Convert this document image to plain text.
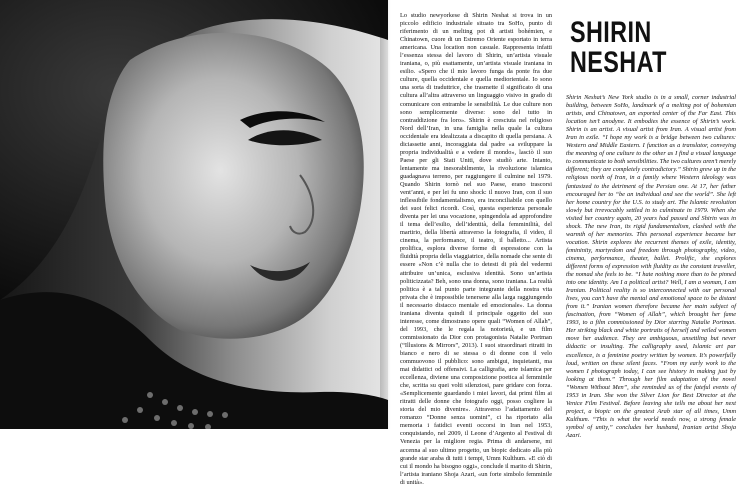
Lo studio newyorkese di Shirin Neshat si trova in un piccolo edificio industriale situato tra SoHo, punto di riferimento di un melting pot di artisti bohémien, e Chinatown, cuore di un Estremo Oriente esportato in terra americana. Una location non casuale. Rappresenta infatti l’essenza stessa del lavoro di Shirin, un’artista visuale iraniana, o, più esattamente, un’artista visuale iraniana in esilio. «Spero che il mio lavoro funga da ponte fra due culture, quella occidentale e quella mediorientale. Io sono una sorta di traduttrice, che trasmette il significato di una cultura all’altra attraverso un linguaggio visivo in grado di comunicare con entrambe le sensibilità. Le due culture non sono semplicemente diverse: sono del tutto in contraddizione fra loro». Shirin è cresciuta nel religioso Nord dell’Iran, in una famiglia nella quale la cultura occidentale era idealizzata a discapito di quella persiana. A diciassette anni, incoraggiata dal padre «a sviluppare la propria individualità e a vedere il mondo», lasciò il suo Paese per gli Stati Uniti, dove studiò arte. Intanto, lentamente ma inesorabilmente, la rivoluzione islamica guadagnava terreno, per raggiungere il culmine nel 1979. Quando Shirin tornò nel suo Paese, erano trascorsi vent’anni, e per lei fu uno shock: il nuovo Iran, con il suo inflessibile fondamentalismo, era inconciliabile con quello dei suoi felici ricordi. Così, questa esperienza personale diventa per lei una vocazione, spingendola ad approfondire il tema dell’esilio, dell’identità, della femminilità, del martirio, della libertà attraverso la fotografia, il video, il cinema, la performance, il teatro, il balletto... Artista prolifica, esplora diverse forme di espressione con la fluidità propria della viaggiatrice, della nomade che sente di essere «Non c’è nulla che io detesti di più del vedermi attribuire un’unica, esclusiva identità. Sono un’artista politicizzata? Beh, sono una donna, sono iraniana. La realtà politica è a tal punto parte integrante della nostra vita privata che è impossibile tenersene alla larga raggiungendo il necessario distacco mentale ed emozionale». La donna iraniana diventa quindi il principale oggetto del suo interesse, come dimostrano opere quali “Women of Allah”, del 1993, che le regala la notorietà, e un film commissionato da Dior con protagonista Natalie Portman (“Illusions & Mirrors”, 2013). I suoi straordinari ritratti in bianco e nero di se stessa o di donne con il velo commuovono il pubblico: sono ambigui, inquietanti, ma mai didattici od offensivi. La calligrafia, arte islamica per eccellenza, diviene una composizione poetica al femminile che, scritta su quei volti silenziosi, pare gridare con forza. «Semplicemente guardando i miei lavori, dai primi film ai ritratti delle donne che fotografo oggi, posso cogliere la storia del mio divenire». Attraverso l’adattamento del romanzo “Donne senza uomini”, ci ha riportato alla memoria i fatidici eventi occorsi in Iran nel 1953, conquistando, nel 2009, il Leone d’Argento al Festival di Venezia per la migliore regia. Prima di andarsene, mi accenna al suo ultimo progetto, un biopic dedicato alla più grande star araba di tutti i tempi, Umm Kulthum. «E ciò di cui il mondo ha bisogno oggi», conclude il marito di Shirin, l’artista iraniano Shoja Azari, «un forte simbolo femminile di unità».
SHIRIN
NESHAT
Shirin Neshat’s New York studio is in a small, corner industrial building, between SoHo, landmark of a melting pot of bohemian artists, and Chinatown, an exported center of the Far East. This location isn’t anodyne. It embodies the essence of Shirin’s work. Shirin is an artist. A visual artist from Iran. A visual artist from Iran in exile. “I hope my work is a bridge between two cultures: Western and Middle Eastern. I function as a translator, conveying the meaning of one culture to the other as I find a visual language to communicate to both sensibilities. The two cultures aren’t merely different; they are completely contradictory.” Shirin grew up in the religious north of Iran, in a family where Western ideology was fantasized to the detriment of the Persian one. At 17, her father encouraged her to “be an individual and see the world”. She left her home country for the U.S. to study art. The Islamic revolution slowly but irrevocably settled in to culminate in 1979. When she visited her country again, 20 years had passed and Shirin was in shock. The new Iran, its rigid fundamentalism, clashed with the warmth of her memories. This personal experience became her vocation. Shirin explores the recurrent themes of exile, identity, femininity, martyrdom and freedom through photography, video, cinema, performance, theater, ballet. Prolific, she explores different forms of expression with fluidity as the constant traveller, the nomad she feels to be. “I hate nothing more than to be pinned into one identity. Am I a political artist? Well, I am a woman, I am Iranian. Political reality is so interconnected with our personal lives, you can’t have the mental and emotional space to be distant from it.” Iranian women therefore became her main subject of fascination, from “Women of Allah”, which brought her fame 1993, to a film commissioned by Dior starring Natalie Portman. Her striking black and white portraits of herself and veiled women move her audience. They are ambiguous, unsettling but never didactic or insulting. The calligraphy used, Islamic art par excellence, is a feminine poetry written by women. It’s powerfully loud, written on these silent faces. “From my early work to the women I photograph today, I can see history in making just by looking at them.” Through her film adaptation of the novel “Women Without Men”, she reminded us of the fateful events of 1953 in Iran. She won the Silver Lion for Best Director at the Venice Film Festival. Before leaving she tells me about her next project, a biopic on the greatest Arab star of all times, Umm Kulthum. “This is what the world needs now, a strong female symbol of unity,” concludes her husband, Iranian artist Shoja Azari.
